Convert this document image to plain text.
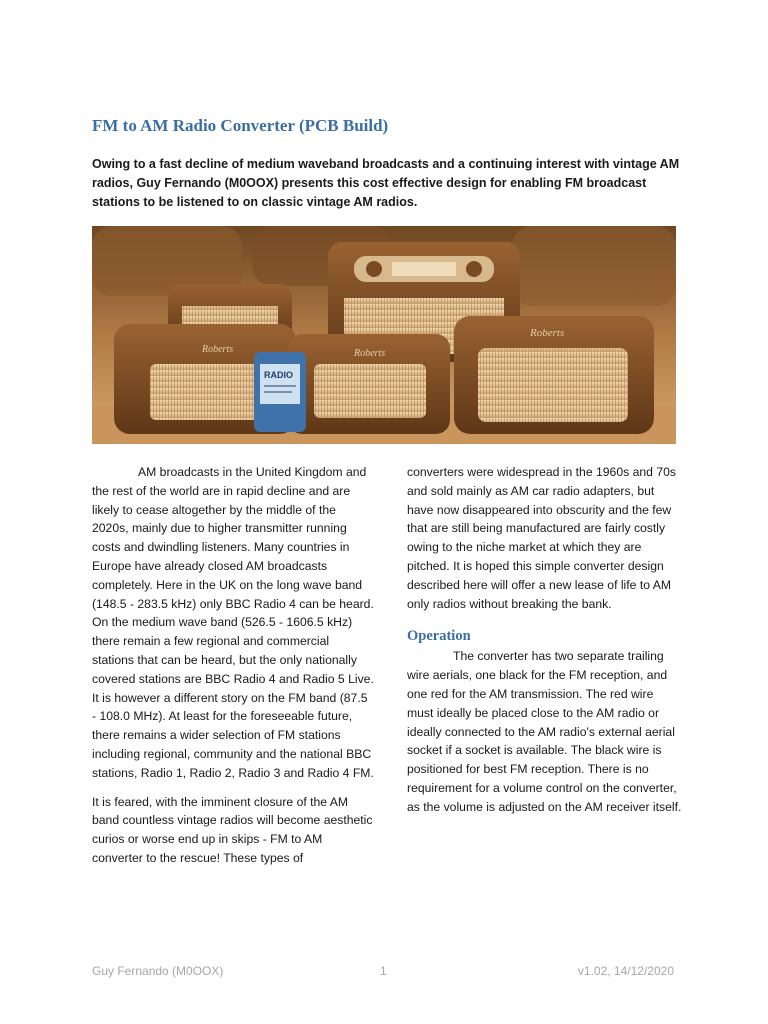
FM to AM Radio Converter (PCB Build)

Owing to a fast decline of medium waveband broadcasts and a continuing interest with vintage AM radios, Guy Fernando (M0OOX) presents this cost effective design for enabling FM broadcast stations to be listened to on classic vintage AM radios.

Roberts	Roberts
Roberts
RADIO

AM broadcasts in the United Kingdom and the rest of the world are in rapid decline and are likely to cease altogether by the middle of the 2020s, mainly due to higher transmitter running costs and dwindling listeners. Many countries in Europe have already closed AM broadcasts completely. Here in the UK on the long wave band (148.5 - 283.5 kHz) only BBC Radio 4 can be heard. On the medium wave band (526.5 - 1606.5 kHz) there remain a few regional and commercial stations that can be heard, but the only nationally covered stations are BBC Radio 4 and Radio 5 Live. It is however a different story on the FM band (87.5 - 108.0 MHz). At least for the foreseeable future, there remains a wider selection of FM stations including regional, community and the national BBC stations, Radio 1, Radio 2, Radio 3 and Radio 4 FM.

It is feared, with the imminent closure of the AM band countless vintage radios will become aesthetic curios or worse end up in skips - FM to AM converter to the rescue! These types of

converters were widespread in the 1960s and 70s and sold mainly as AM car radio adapters, but have now disappeared into obscurity and the few that are still being manufactured are fairly costly owing to the niche market at which they are pitched. It is hoped this simple converter design described here will offer a new lease of life to AM only radios without breaking the bank.

Operation

The converter has two separate trailing wire aerials, one black for the FM reception, and one red for the AM transmission. The red wire must ideally be placed close to the AM radio or ideally connected to the AM radio's external aerial socket if a socket is available. The black wire is positioned for best FM reception. There is no requirement for a volume control on the converter, as the volume is adjusted on the AM receiver itself.

Guy Fernando (M0OOX)	1	v1.02, 14/12/2020
